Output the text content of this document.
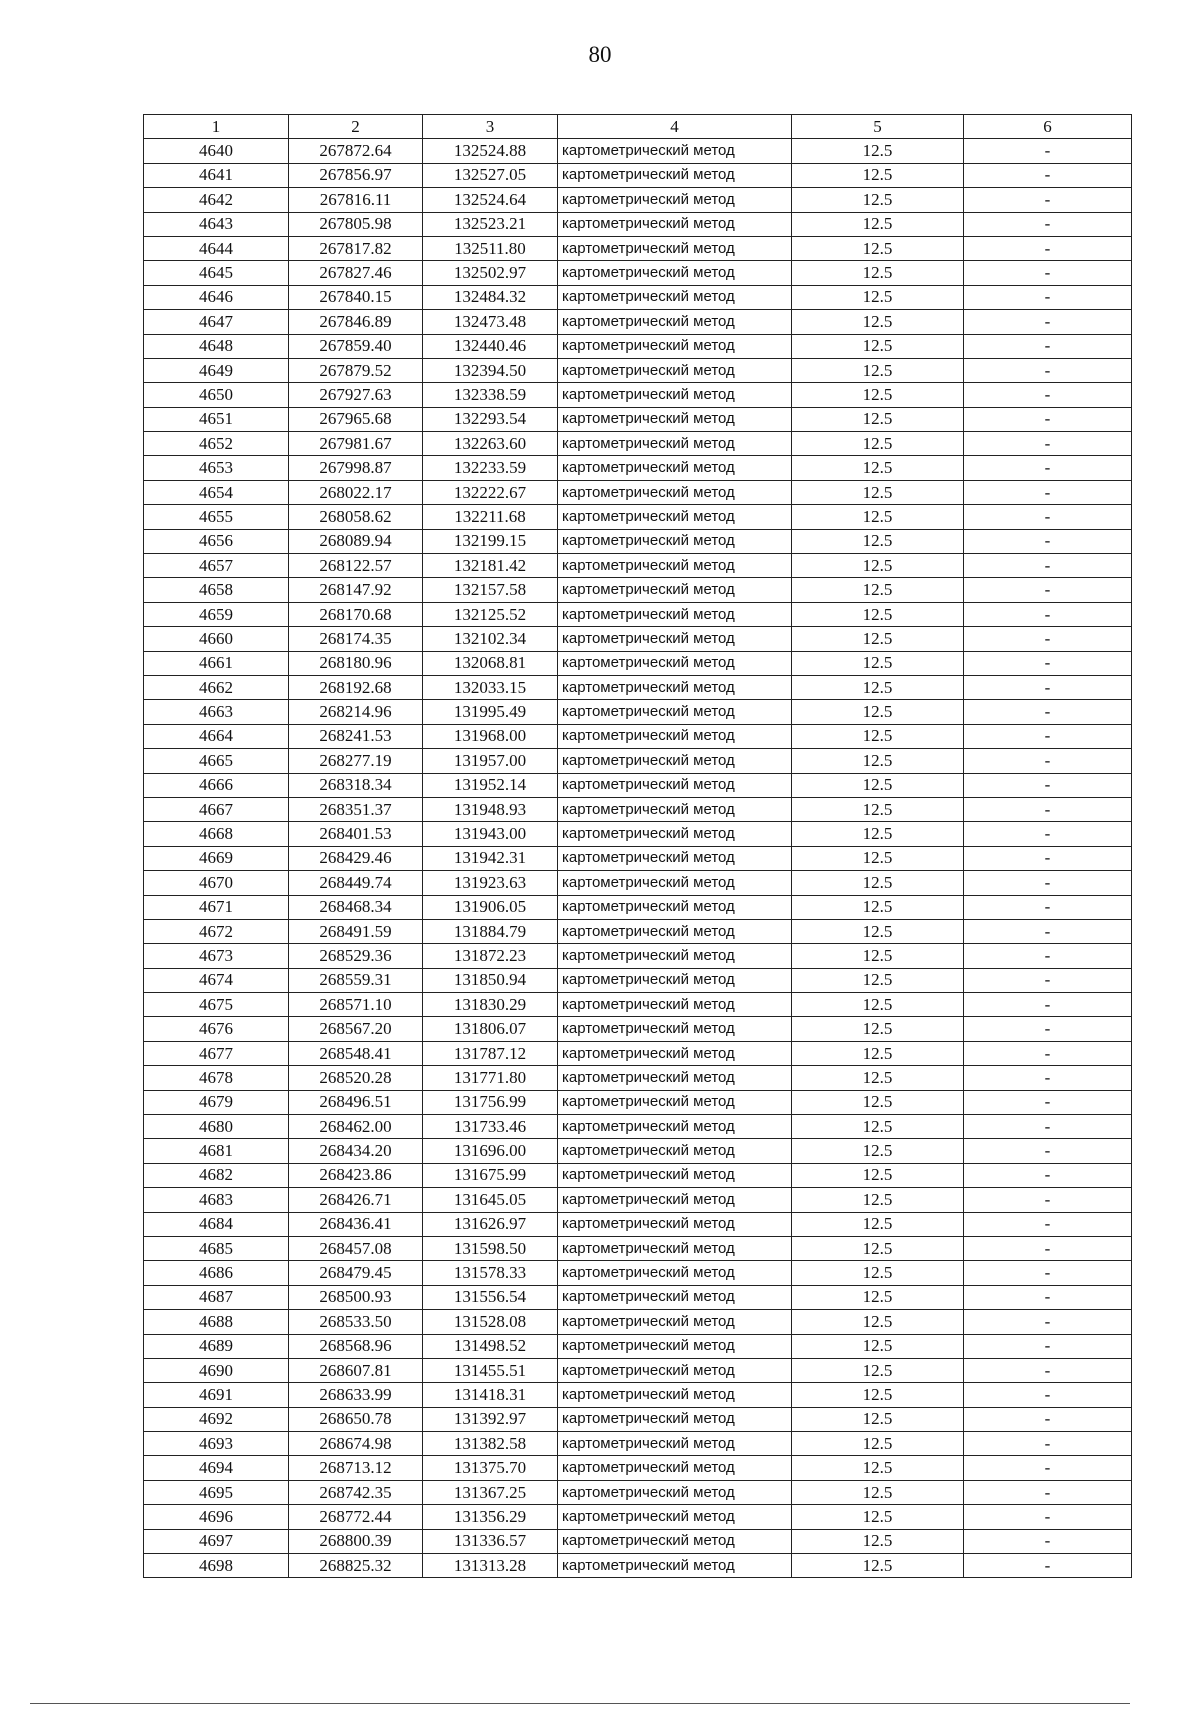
80
1	2	3	4	5	6
4640	267872.64	132524.88	картометрический метод	12.5	-
4641	267856.97	132527.05	картометрический метод	12.5	-
4642	267816.11	132524.64	картометрический метод	12.5	-
4643	267805.98	132523.21	картометрический метод	12.5	-
4644	267817.82	132511.80	картометрический метод	12.5	-
4645	267827.46	132502.97	картометрический метод	12.5	-
4646	267840.15	132484.32	картометрический метод	12.5	-
4647	267846.89	132473.48	картометрический метод	12.5	-
4648	267859.40	132440.46	картометрический метод	12.5	-
4649	267879.52	132394.50	картометрический метод	12.5	-
4650	267927.63	132338.59	картометрический метод	12.5	-
4651	267965.68	132293.54	картометрический метод	12.5	-
4652	267981.67	132263.60	картометрический метод	12.5	-
4653	267998.87	132233.59	картометрический метод	12.5	-
4654	268022.17	132222.67	картометрический метод	12.5	-
4655	268058.62	132211.68	картометрический метод	12.5	-
4656	268089.94	132199.15	картометрический метод	12.5	-
4657	268122.57	132181.42	картометрический метод	12.5	-
4658	268147.92	132157.58	картометрический метод	12.5	-
4659	268170.68	132125.52	картометрический метод	12.5	-
4660	268174.35	132102.34	картометрический метод	12.5	-
4661	268180.96	132068.81	картометрический метод	12.5	-
4662	268192.68	132033.15	картометрический метод	12.5	-
4663	268214.96	131995.49	картометрический метод	12.5	-
4664	268241.53	131968.00	картометрический метод	12.5	-
4665	268277.19	131957.00	картометрический метод	12.5	-
4666	268318.34	131952.14	картометрический метод	12.5	-
4667	268351.37	131948.93	картометрический метод	12.5	-
4668	268401.53	131943.00	картометрический метод	12.5	-
4669	268429.46	131942.31	картометрический метод	12.5	-
4670	268449.74	131923.63	картометрический метод	12.5	-
4671	268468.34	131906.05	картометрический метод	12.5	-
4672	268491.59	131884.79	картометрический метод	12.5	-
4673	268529.36	131872.23	картометрический метод	12.5	-
4674	268559.31	131850.94	картометрический метод	12.5	-
4675	268571.10	131830.29	картометрический метод	12.5	-
4676	268567.20	131806.07	картометрический метод	12.5	-
4677	268548.41	131787.12	картометрический метод	12.5	-
4678	268520.28	131771.80	картометрический метод	12.5	-
4679	268496.51	131756.99	картометрический метод	12.5	-
4680	268462.00	131733.46	картометрический метод	12.5	-
4681	268434.20	131696.00	картометрический метод	12.5	-
4682	268423.86	131675.99	картометрический метод	12.5	-
4683	268426.71	131645.05	картометрический метод	12.5	-
4684	268436.41	131626.97	картометрический метод	12.5	-
4685	268457.08	131598.50	картометрический метод	12.5	-
4686	268479.45	131578.33	картометрический метод	12.5	-
4687	268500.93	131556.54	картометрический метод	12.5	-
4688	268533.50	131528.08	картометрический метод	12.5	-
4689	268568.96	131498.52	картометрический метод	12.5	-
4690	268607.81	131455.51	картометрический метод	12.5	-
4691	268633.99	131418.31	картометрический метод	12.5	-
4692	268650.78	131392.97	картометрический метод	12.5	-
4693	268674.98	131382.58	картометрический метод	12.5	-
4694	268713.12	131375.70	картометрический метод	12.5	-
4695	268742.35	131367.25	картометрический метод	12.5	-
4696	268772.44	131356.29	картометрический метод	12.5	-
4697	268800.39	131336.57	картометрический метод	12.5	-
4698	268825.32	131313.28	картометрический метод	12.5	-
